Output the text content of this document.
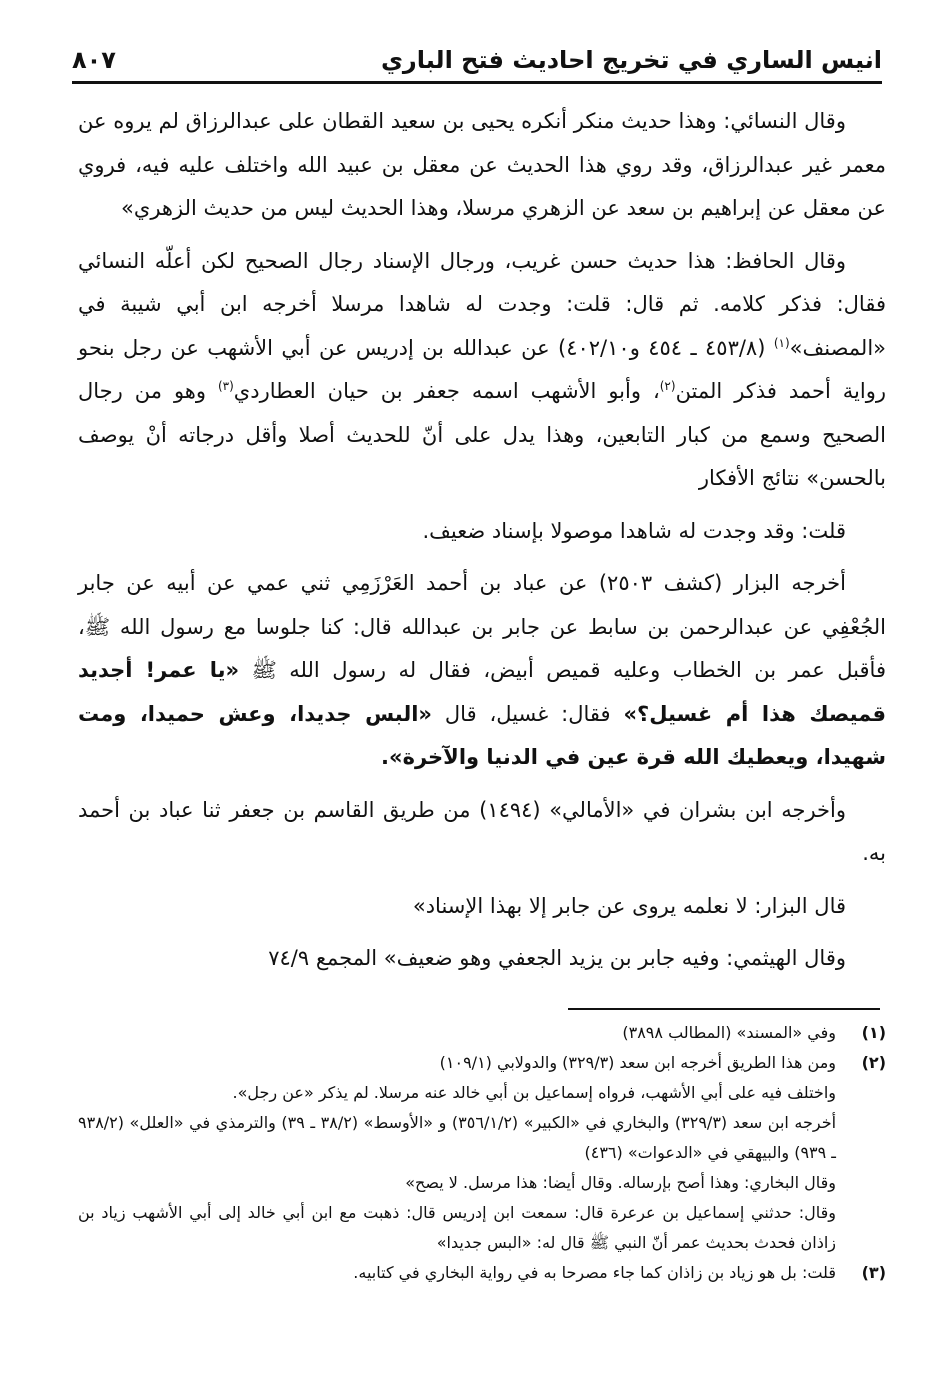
انيس الساري في تخريج احاديث فتح الباري
٨٠٧

وقال النسائي: وهذا حديث منكر أنكره يحيى بن سعيد القطان على عبدالرزاق لم يروه عن معمر غير عبدالرزاق، وقد روي هذا الحديث عن معقل بن عبيد الله واختلف عليه فيه، فروي عن معقل عن إبراهيم بن سعد عن الزهري مرسلا، وهذا الحديث ليس من حديث الزهري»

وقال الحافظ: هذا حديث حسن غريب، ورجال الإسناد رجال الصحيح لكن أعلّه النسائي فقال: فذكر كلامه. ثم قال: قلت: وجدت له شاهدا مرسلا أخرجه ابن أبي شيبة في «المصنف»$^{(١)}$ (٤٥٣/٨ ـ ٤٥٤ و٤٠٢/١٠) عن عبدالله بن إدريس عن أبي الأشهب عن رجل بنحو رواية أحمد فذكر المتن$^{(٢)}$، وأبو الأشهب اسمه جعفر بن حيان العطاردي$^{(٣)}$ وهو من رجال الصحيح وسمع من كبار التابعين، وهذا يدل على أنّ للحديث أصلا وأقل درجاته أنْ يوصف بالحسن» نتائج الأفكار

قلت: وقد وجدت له شاهدا موصولا بإسناد ضعيف.

أخرجه البزار (كشف ٢٥٠٣) عن عباد بن أحمد العَرْزَمِي ثني عمي عن أبيه عن جابر الجُعْفِي عن عبدالرحمن بن سابط عن جابر بن عبدالله قال: كنا جلوسا مع رسول الله ﷺ، فأقبل عمر بن الخطاب وعليه قميص أبيض، فقال له رسول الله ﷺ «يا عمر! أجديد قميصك هذا أم غسيل؟» فقال: غسيل، قال «البس جديدا، وعش حميدا، ومت شهيدا، ويعطيك الله قرة عين في الدنيا والآخرة».

وأخرجه ابن بشران في «الأمالي» (١٤٩٤) من طريق القاسم بن جعفر ثنا عباد بن أحمد به.

قال البزار: لا نعلمه يروى عن جابر إلا بهذا الإسناد»

وقال الهيثمي: وفيه جابر بن يزيد الجعفي وهو ضعيف» المجمع ٧٤/٩

(١)
وفي «المسند» (المطالب ٣٨٩٨)
(٢)
ومن هذا الطريق أخرجه ابن سعد (٣٢٩/٣) والدولابي (١٠٩/١)
واختلف فيه على أبي الأشهب، فرواه إسماعيل بن أبي خالد عنه مرسلا. لم يذكر «عن رجل».
أخرجه ابن سعد (٣٢٩/٣) والبخاري في «الكبير» (٣٥٦/١/٢) و «الأوسط» (٣٨/٢ ـ ٣٩) والترمذي في «العلل» (٩٣٨/٢ ـ ٩٣٩) والبيهقي في «الدعوات» (٤٣٦)
وقال البخاري: وهذا أصح بإرساله. وقال أيضا: هذا مرسل. لا يصح»
وقال: حدثني إسماعيل بن عرعرة قال: سمعت ابن إدريس قال: ذهبت مع ابن أبي خالد إلى أبي الأشهب زياد بن زاذان فحدث بحديث عمر أنّ النبي ﷺ قال له: «البس جديدا»
(٣)
قلت: بل هو زياد بن زاذان كما جاء مصرحا به في رواية البخاري في كتابيه.
